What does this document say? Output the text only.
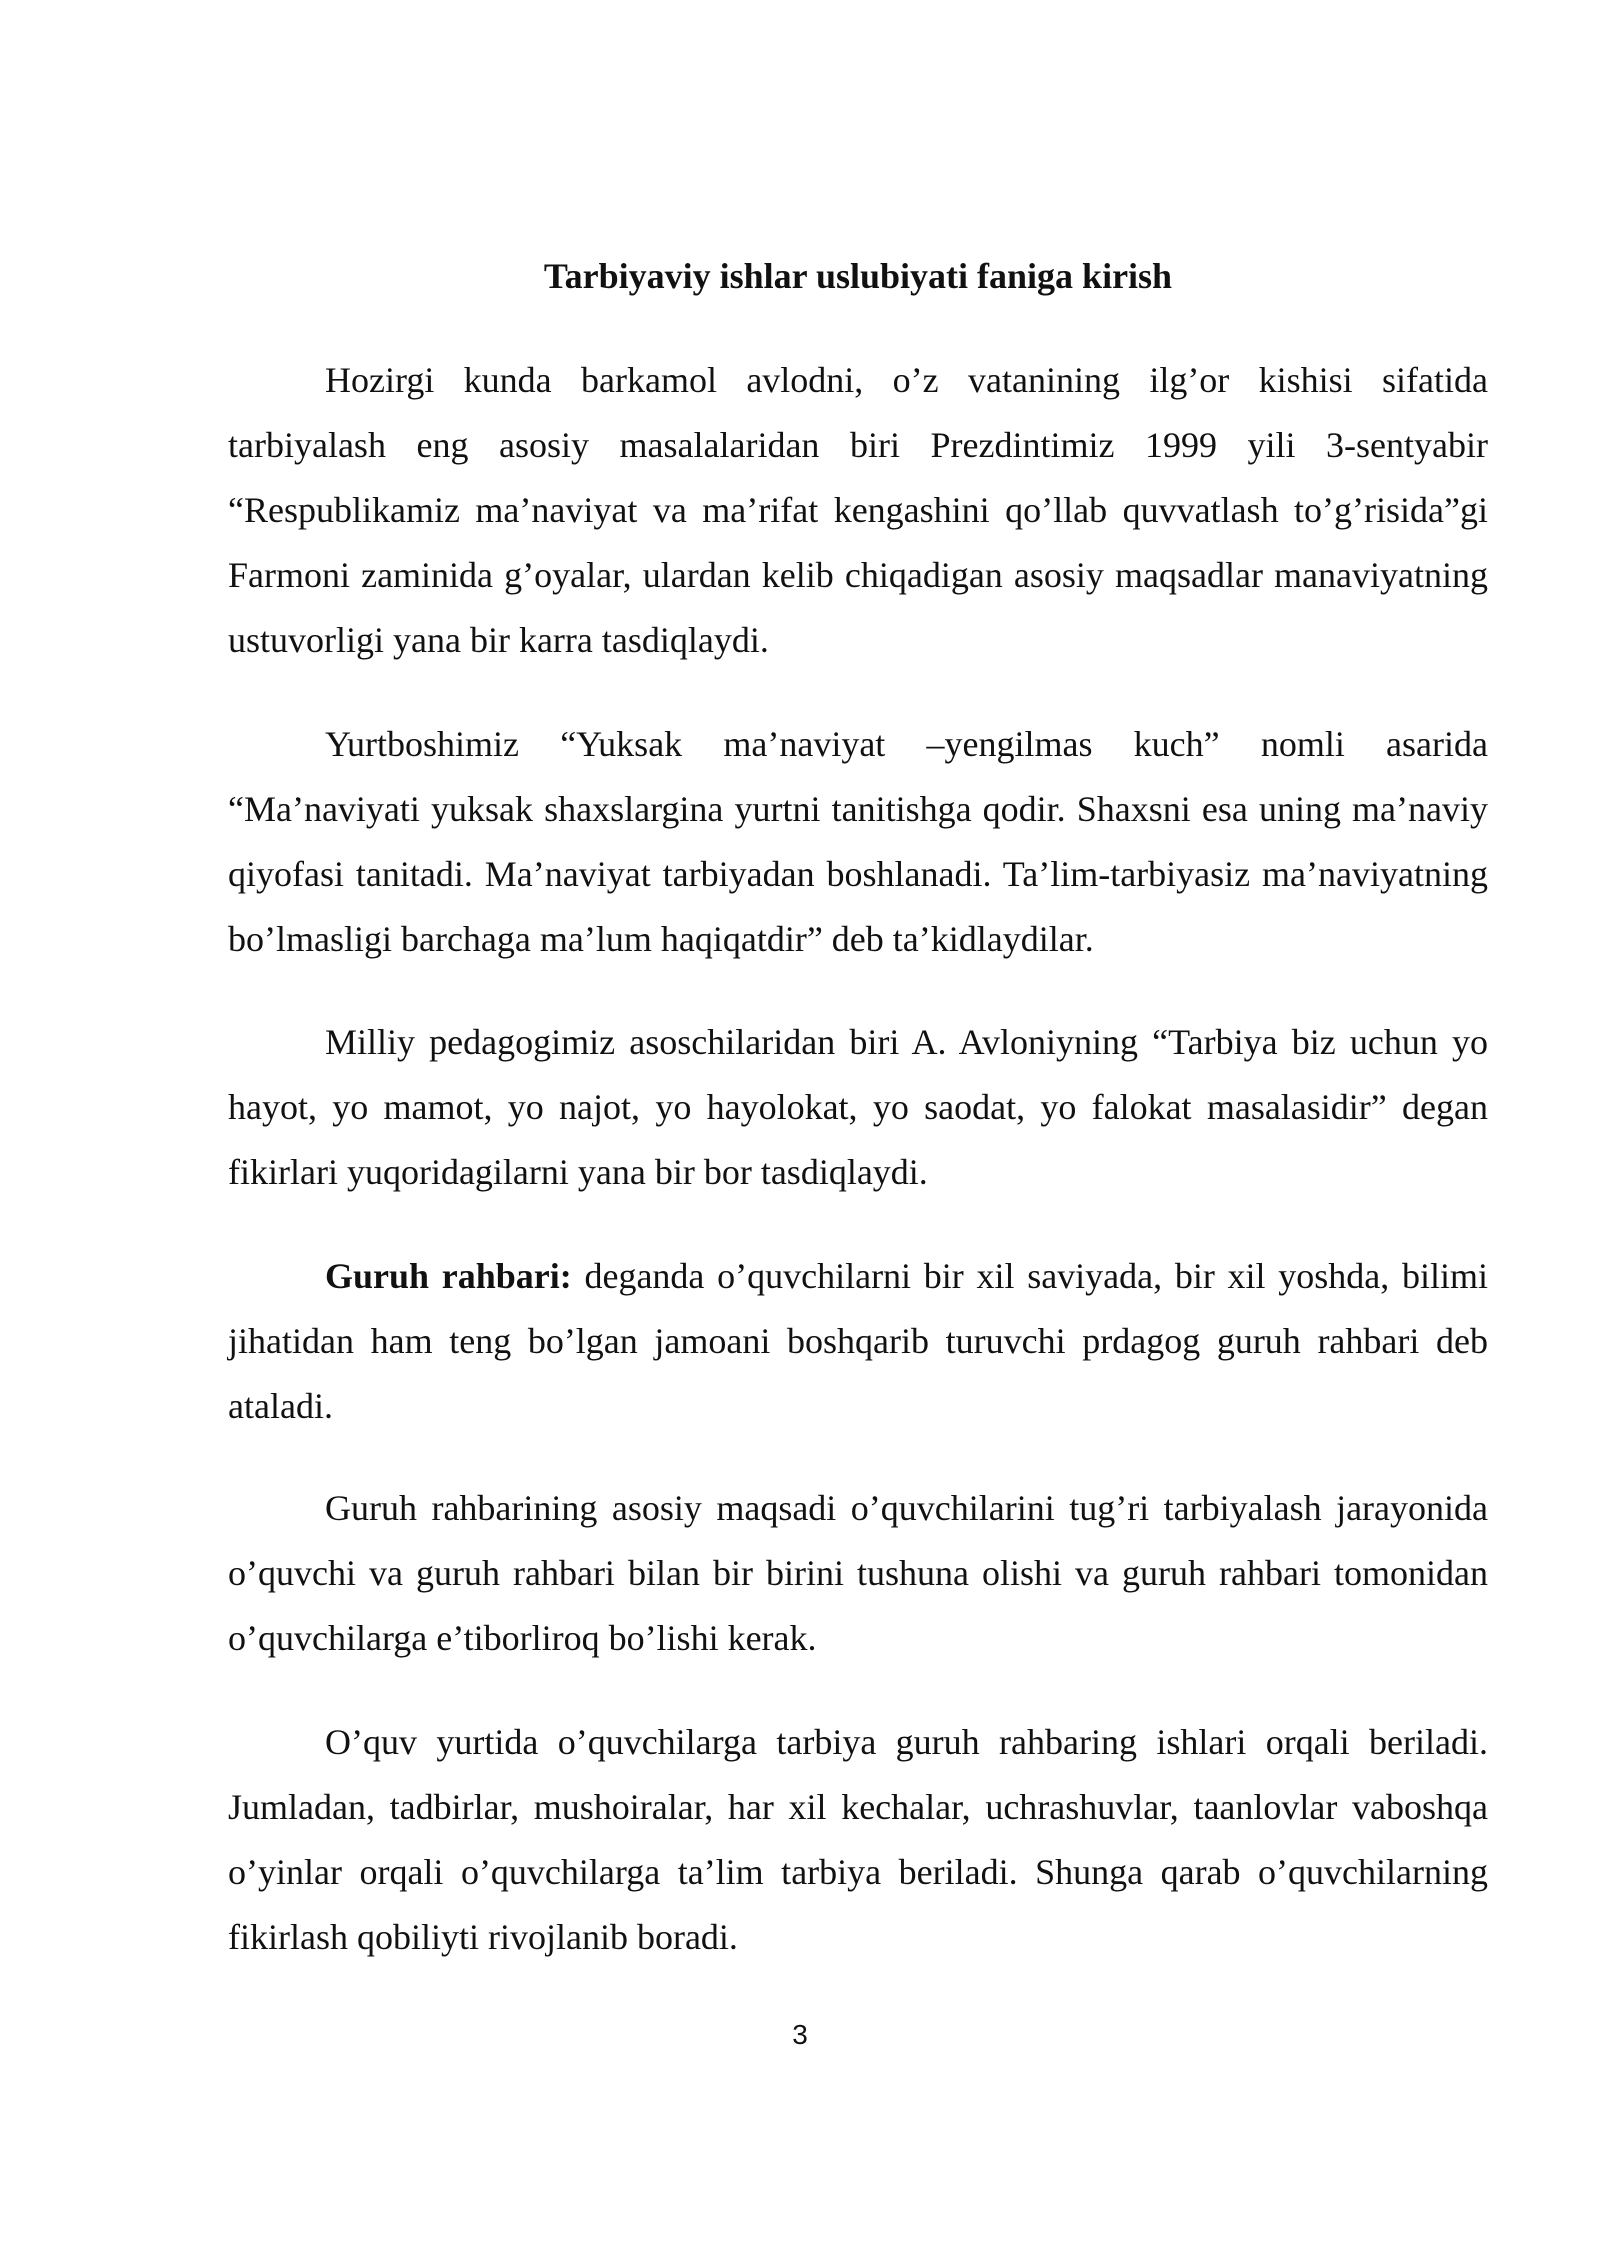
Tarbiyaviy ishlar uslubiyati faniga kirish

Hozirgi kunda barkamol avlodni, o’z vatanining ilg’or kishisi sifatida tarbiyalash eng asosiy masalalaridan biri Prezdintimiz 1999 yili 3-sentyabir “Respublikamiz ma’naviyat va ma’rifat kengashini qo’llab quvvatlash to’g’risida”gi Farmoni zaminida g’oyalar, ulardan kelib chiqadigan asosiy maqsadlar manaviyatning ustuvorligi yana bir karra tasdiqlaydi.

Yurtboshimiz “Yuksak ma’naviyat –yengilmas kuch” nomli asarida “Ma’naviyati yuksak shaxslargina yurtni tanitishga qodir. Shaxsni esa uning ma’naviy qiyofasi tanitadi. Ma’naviyat tarbiyadan boshlanadi. Ta’lim-tarbiyasiz ma’naviyatning bo’lmasligi barchaga ma’lum haqiqatdir” deb ta’kidlaydilar.

Milliy pedagogimiz asoschilaridan biri A. Avloniyning “Tarbiya biz uchun yo hayot, yo mamot, yo najot, yo hayolokat, yo saodat, yo falokat masalasidir” degan fikirlari yuqoridagilarni yana bir bor tasdiqlaydi.

Guruh rahbari: deganda o’quvchilarni bir xil saviyada, bir xil yoshda, bilimi jihatidan ham teng bo’lgan jamoani boshqarib turuvchi prdagog guruh rahbari deb ataladi.

Guruh rahbarining asosiy maqsadi o’quvchilarini tug’ri tarbiyalash jarayonida o’quvchi va guruh rahbari bilan bir birini tushuna olishi va guruh rahbari tomonidan o’quvchilarga e’tiborliroq bo’lishi kerak.

O’quv yurtida o’quvchilarga tarbiya guruh rahbaring ishlari orqali beriladi. Jumladan, tadbirlar, mushoiralar, har xil kechalar, uchrashuvlar, taanlovlar vaboshqa o’yinlar orqali o’quvchilarga ta’lim tarbiya beriladi. Shunga qarab o’quvchilarning fikirlash qobiliyti rivojlanib boradi.

3
